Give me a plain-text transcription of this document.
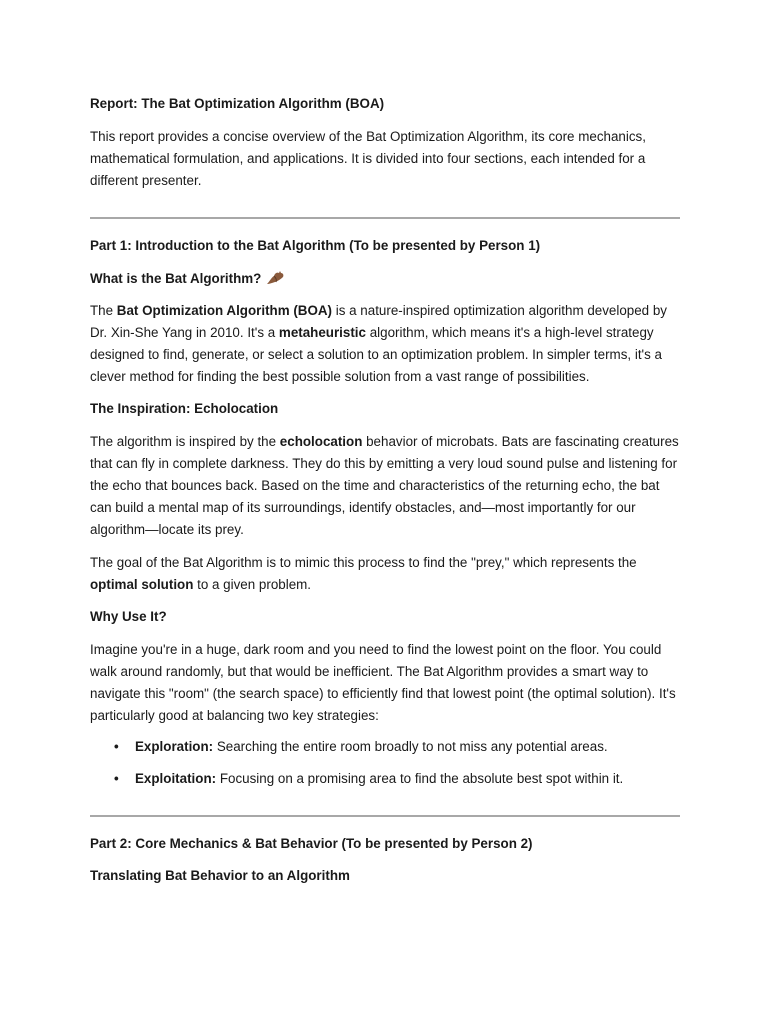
Report: The Bat Optimization Algorithm (BOA)

This report provides a concise overview of the Bat Optimization Algorithm, its core mechanics, mathematical formulation, and applications. It is divided into four sections, each intended for a different presenter.

Part 1: Introduction to the Bat Algorithm (To be presented by Person 1)

What is the Bat Algorithm?

The Bat Optimization Algorithm (BOA) is a nature-inspired optimization algorithm developed by Dr. Xin-She Yang in 2010. It's a metaheuristic algorithm, which means it's a high-level strategy designed to find, generate, or select a solution to an optimization problem. In simpler terms, it's a clever method for finding the best possible solution from a vast range of possibilities.

The Inspiration: Echolocation

The algorithm is inspired by the echolocation behavior of microbats. Bats are fascinating creatures that can fly in complete darkness. They do this by emitting a very loud sound pulse and listening for the echo that bounces back. Based on the time and characteristics of the returning echo, the bat can build a mental map of its surroundings, identify obstacles, and—most importantly for our algorithm—locate its prey.

The goal of the Bat Algorithm is to mimic this process to find the "prey," which represents the optimal solution to a given problem.

Why Use It?

Imagine you're in a huge, dark room and you need to find the lowest point on the floor. You could walk around randomly, but that would be inefficient. The Bat Algorithm provides a smart way to navigate this "room" (the search space) to efficiently find that lowest point (the optimal solution). It's particularly good at balancing two key strategies:

• Exploration: Searching the entire room broadly to not miss any potential areas.
• Exploitation: Focusing on a promising area to find the absolute best spot within it.

Part 2: Core Mechanics & Bat Behavior (To be presented by Person 2)

Translating Bat Behavior to an Algorithm
